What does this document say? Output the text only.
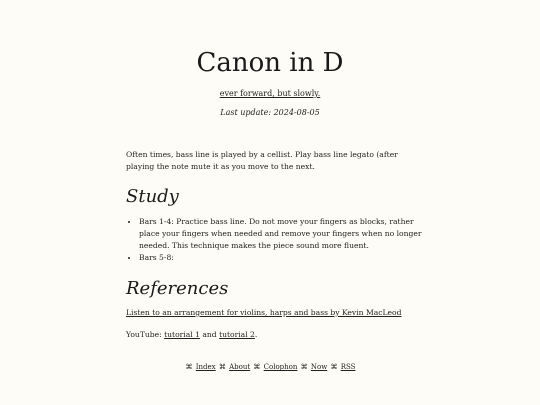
Canon in D
ever forward, but slowly.
Last update: 2024-08-05

Often times, bass line is played by a cellist. Play bass line legato (after playing the note mute it as you move to the next.

Study
• Bars 1-4: Practice bass line. Do not move your fingers as blocks, rather place your fingers when needed and remove your fingers when no longer needed. This technique makes the piece sound more fluent.
• Bars 5-8:
References
Listen to an arrangement for violins, harps and bass by Kevin MacLeod
YouTube: tutorial 1 and tutorial 2.
⌘ Index ⌘ About ⌘ Colophon ⌘ Now ⌘ RSS
